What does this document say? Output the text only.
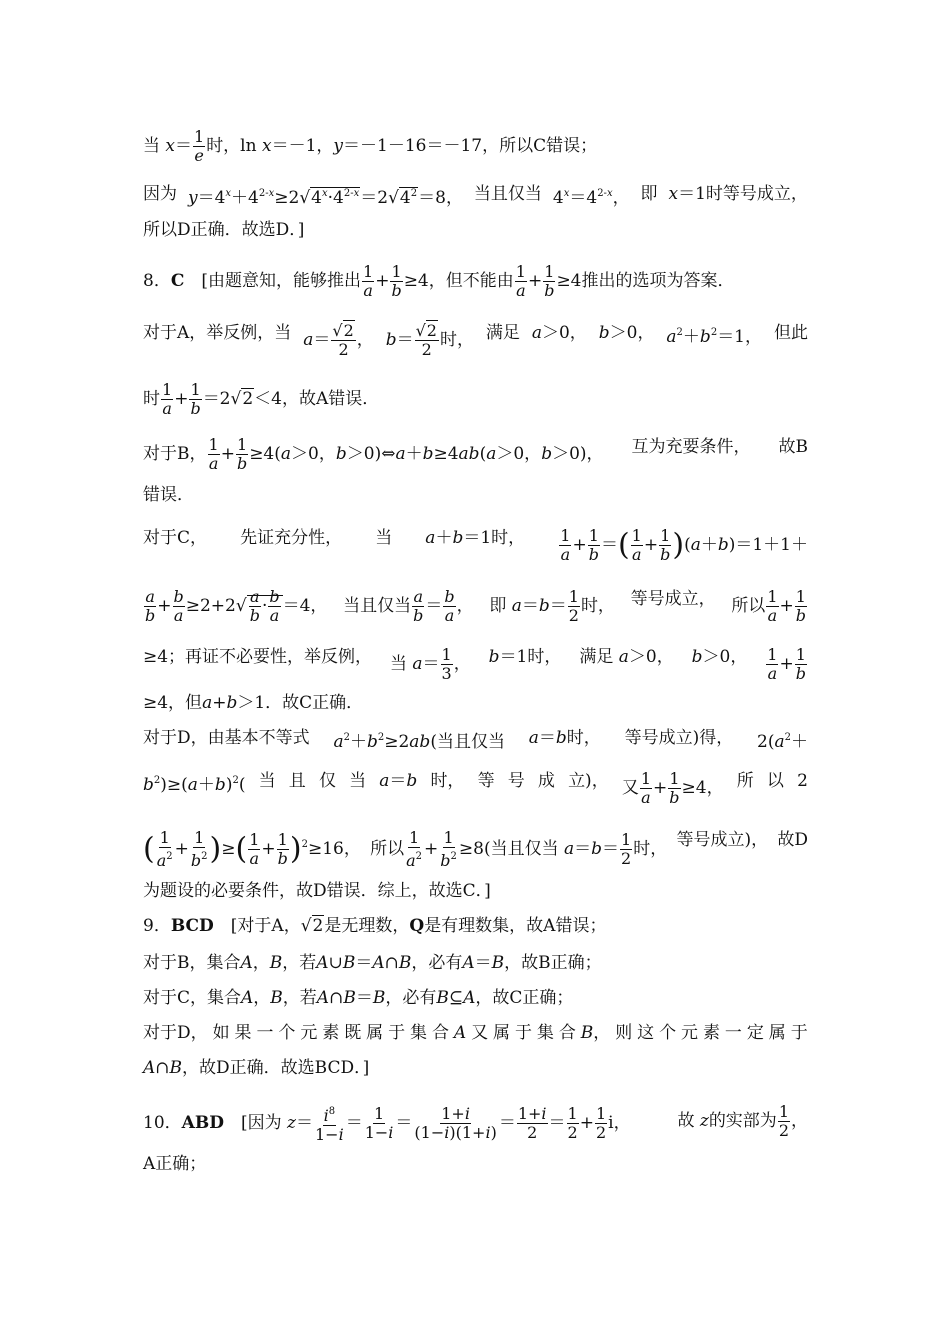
当 $x= \frac{1}{e}$ 时，ln x＝－1，y＝－1－16＝－17，所以C错误；
因为 $y=4^x+4^{2-x}\ge 2√4^x\cdot 4^{2-x}=2√4^2=8$， 当且仅当 $4^x=4^{2-x}$， 即 x＝1时等号成立，
所以D正确．故选D．]
8．C　[由题意知，能够推出 $\frac{1}{a} + \frac{1}{b} \ge 4$，但不能由 $\frac{1}{a} + \frac{1}{b} \ge 4$推出的选项为答案．
对于A，举反例，当 $a= \frac{√2}{2}$ ， $b= \frac{√2}{2}$ 时， 满足 a＞0， b＞0， $a^2+b^2=1$， 但此
时 $\frac{1}{a} + \frac{1}{b} =2√2<4$，故A错误．
对于B， $\frac{1}{a} + \frac{1}{b} \ge 4(a>0$，b＞0)⇔a＋b≥4ab(a＞0，b＞0)， 互为充要条件， 故B
错误．
对于C， 先证充分性， 当 a＋b＝1时， $\frac{1}{a} + \frac{1}{b}$ ＝( $\frac{1}{a} + \frac{1}{b} )(a+b)=1+1+$
$\frac{a}{b} + \frac{b}{a} \ge 2+2√ \frac{a}{b} \cdot \frac{b}{a} =4$， 当且仅当 $\frac{a}{b} = \frac{b}{a}$ ， 即 $a=b= \frac{1}{2}$ 时， 等号成立， 所以 $\frac{1}{a} + \frac{1}{b}$
≥4；再证不必要性，举反例， 当 $a= \frac{1}{3}$ ， b＝1时， 满足 a＞0， b＞0， $\frac{1}{a} + \frac{1}{b}$
≥4，但a+b＞1．故C正确．
对于D，由基本不等式 $a^2+b^2\ge 2ab$(当且仅当 a＝b时， 等号成立)得， $2(a^2+$
$b^2)\ge(a+b)^2$( 当 且 仅 当 a＝b 时， 等 号 成 立)， 又 $\frac{1}{a} + \frac{1}{b} \ge 4$， 所 以 2
( $\frac{1}{a^2} + \frac{1}{b^2}$ )≥( $\frac{1}{a} + \frac{1}{b} )^2\ge 16$， 所以 $\frac{1}{a^2} + \frac{1}{b^2} \ge 8$(当且仅当 $a=b= \frac{1}{2}$ 时， 等号成立)， 故D
为题设的必要条件，故D错误．综上，故选C．]
9．BCD　[对于A，√2是无理数，Q是有理数集，故A错误；
对于B，集合A，B，若A∪B＝A∩B，必有A＝B，故B正确；
对于C，集合A，B，若A∩B＝B，必有B⊆A，故C正确；
对于D， 如 果 一 个 元 素 既 属 于 集 合 A 又 属 于 集 合 B， 则 这 个 元 素 一 定 属 于
A∩B，故D正确．故选BCD．]
10．ABD　[因为 $z= \frac{i^8}{1-i} = \frac{1}{1-i} = \frac{1+i}{(1-i)(1+i)} = \frac{1+i}{2} = \frac{1}{2} + \frac{1}{2}$ i，	故 z的实部为 $\frac{1}{2}$ ，
A正确；
